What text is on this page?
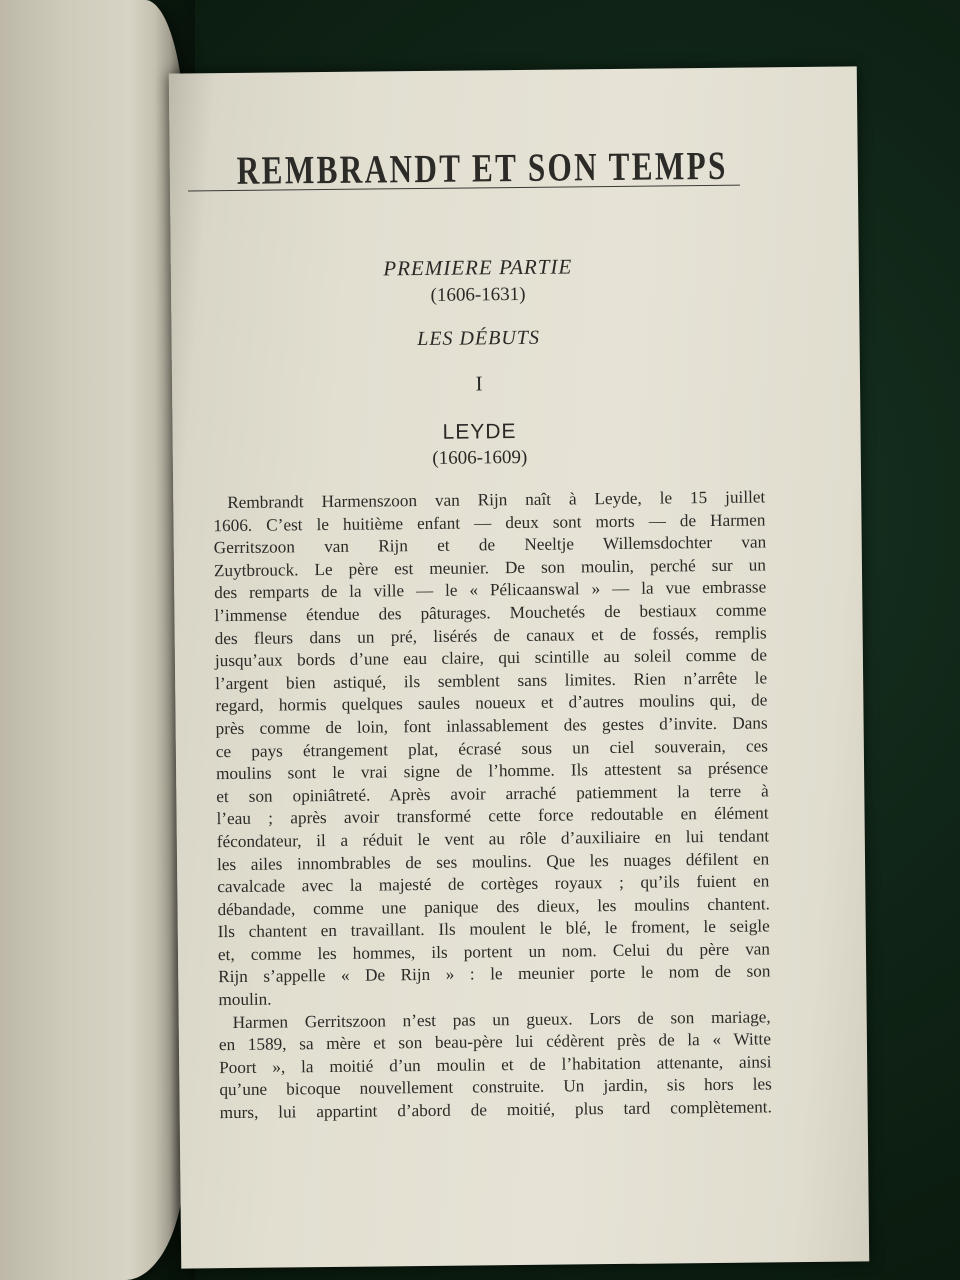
REMBRANDT ET SON TEMPS
PREMIERE PARTIE
(1606-1631)
LES DÉBUTS
I
LEYDE
(1606-1609)
Rembrandt Harmenszoon van Rijn naît à Leyde, le 15 juillet
1606. C’est le huitième enfant — deux sont morts — de Harmen
Gerritszoon van Rijn et de Neeltje Willemsdochter van
Zuytbrouck. Le père est meunier. De son moulin, perché sur un
des remparts de la ville — le « Pélicaanswal » — la vue embrasse
l’immense étendue des pâturages. Mouchetés de bestiaux comme
des fleurs dans un pré, lisérés de canaux et de fossés, remplis
jusqu’aux bords d’une eau claire, qui scintille au soleil comme de
l’argent bien astiqué, ils semblent sans limites. Rien n’arrête le
regard, hormis quelques saules noueux et d’autres moulins qui, de
près comme de loin, font inlassablement des gestes d’invite. Dans
ce pays étrangement plat, écrasé sous un ciel souverain, ces
moulins sont le vrai signe de l’homme. Ils attestent sa présence
et son opiniâtreté. Après avoir arraché patiemment la terre à
l’eau ; après avoir transformé cette force redoutable en élément
fécondateur, il a réduit le vent au rôle d’auxiliaire en lui tendant
les ailes innombrables de ses moulins. Que les nuages défilent en
cavalcade avec la majesté de cortèges royaux ; qu’ils fuient en
débandade, comme une panique des dieux, les moulins chantent.
Ils chantent en travaillant. Ils moulent le blé, le froment, le seigle
et, comme les hommes, ils portent un nom. Celui du père van
Rijn s’appelle « De Rijn » : le meunier porte le nom de son
moulin.
Harmen Gerritszoon n’est pas un gueux. Lors de son mariage,
en 1589, sa mère et son beau-père lui cédèrent près de la « Witte
Poort », la moitié d’un moulin et de l’habitation attenante, ainsi
qu’une bicoque nouvellement construite. Un jardin, sis hors les
murs, lui appartint d’abord de moitié, plus tard complètement.
